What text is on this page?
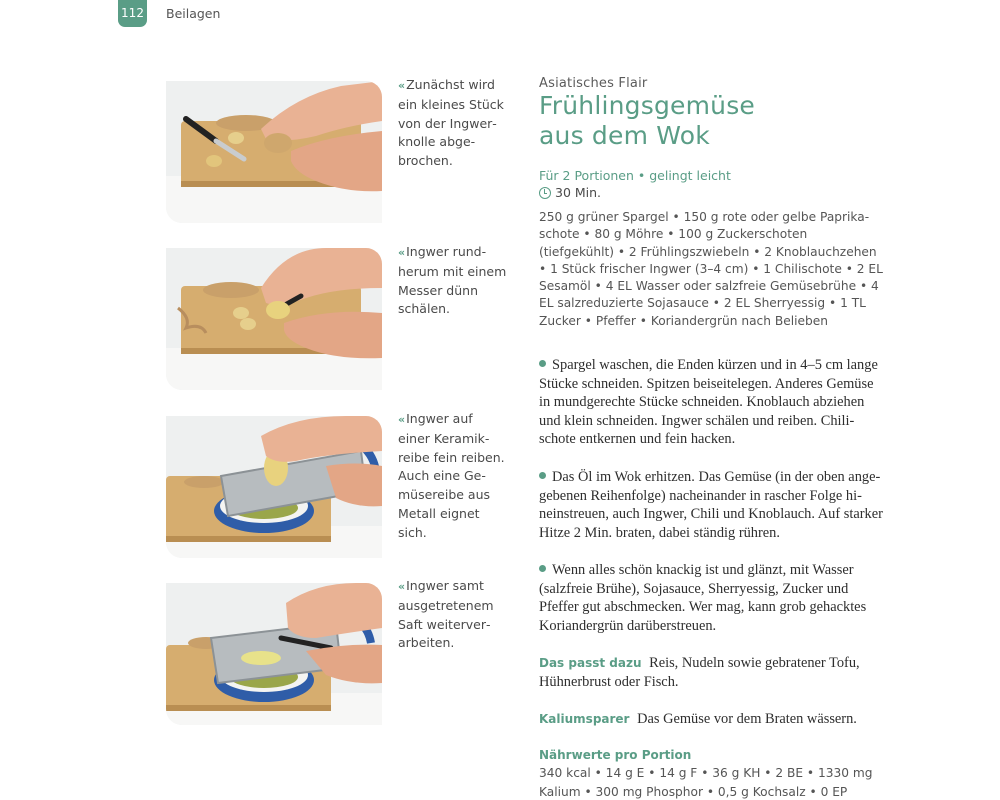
112 Beilagen
« Zunächst wird ein kleines Stück von der Ingwerknolle abgebrochen.
« Ingwer rundherum mit einem Messer dünn schälen.
« Ingwer auf einer Keramikreibe fein reiben. Auch eine Gemüsereibe aus Metall eignet sich.
« Ingwer samt ausgetretenem Saft weiterverarbeiten.
Asiatisches Flair
Frühlingsgemüse
aus dem Wok
Für 2 Portionen • gelingt leicht
30 Min.
250 g grüner Spargel • 150 g rote oder gelbe Paprikaschote • 80 g Möhre • 100 g Zuckerschoten (tiefgekühlt) • 2 Frühlingszwiebeln • 2 Knoblauchzehen • 1 Stück frischer Ingwer (3–4 cm) • 1 Chilischote • 2 EL Sesamöl • 4 EL Wasser oder salzfreie Gemüsebrühe • 4 EL salzreduzierte Sojasauce • 2 EL Sherryessig • 1 TL Zucker • Pfeffer • Koriandergrün nach Belieben
Spargel waschen, die Enden kürzen und in 4–5 cm lange Stücke schneiden. Spitzen beiseitelegen. Anderes Gemüse in mundgerechte Stücke schneiden. Knoblauch abziehen und klein schneiden. Ingwer schälen und reiben. Chilischote entkernen und fein hacken.
Das Öl im Wok erhitzen. Das Gemüse (in der oben angegebenen Reihenfolge) nacheinander in rascher Folge hineinstreuen, auch Ingwer, Chili und Knoblauch. Auf starker Hitze 2 Min. braten, dabei ständig rühren.
Wenn alles schön knackig ist und glänzt, mit Wasser (salzfreie Brühe), Sojasauce, Sherryessig, Zucker und Pfeffer gut abschmecken. Wer mag, kann grob gehacktes Koriandergrün darüberstreuen.
Das passt dazu Reis, Nudeln sowie gebratener Tofu, Hühnerbrust oder Fisch.
Kaliumsparer Das Gemüse vor dem Braten wässern.
Nährwerte pro Portion
340 kcal • 14 g E • 14 g F • 36 g KH • 2 BE • 1330 mg Kalium • 300 mg Phosphor • 0,5 g Kochsalz • 0 EP
